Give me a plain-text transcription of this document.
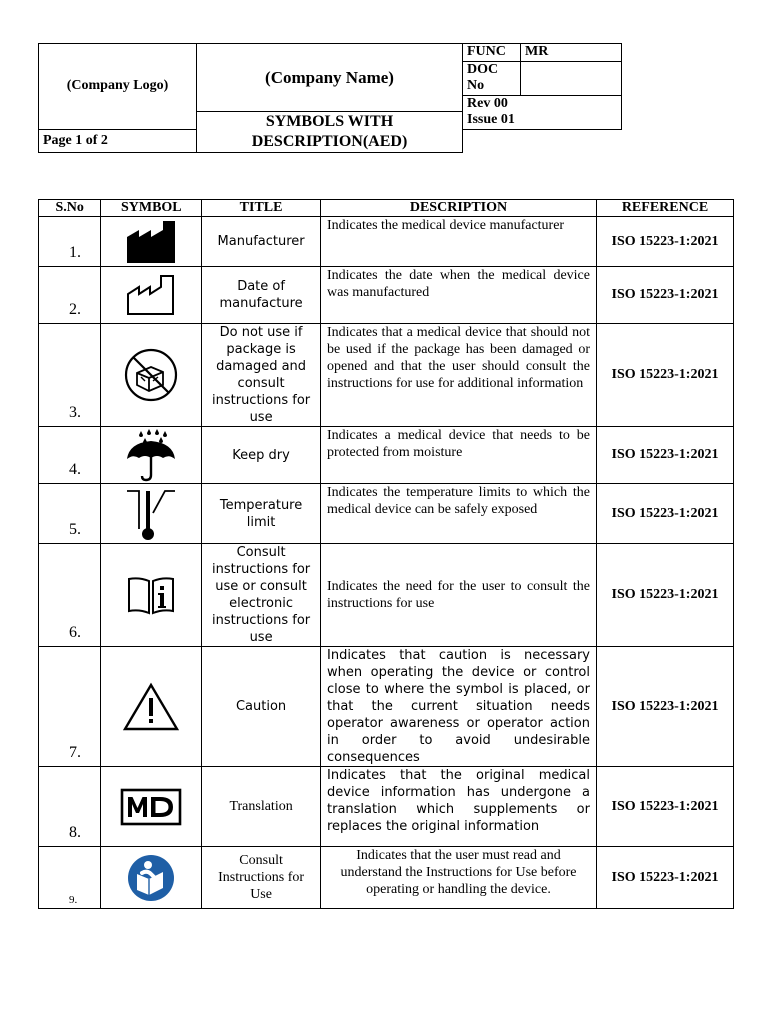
(Company Logo)	(Company Name)	FUNC	MR
		DOC
No	
		Rev 00
Issue 01	
	SYMBOLS WITH
DESCRIPTION(AED)		
Page 1 of 2			
S.No	SYMBOL	TITLE	DESCRIPTION	REFERENCE

1.		Manufacturer	Indicates the medical device manufacturer	ISO 15223-1:2021

2.		Date of manufacture	Indicates the date when the medical device was manufactured	ISO 15223-1:2021

3.		Do not use if package is damaged and consult instructions for use	Indicates that a medical device that should not be used if the package has been damaged or opened and that the user should consult the instructions for use for additional information	ISO 15223-1:2021

4.		Keep dry	Indicates a medical device that needs to be protected from moisture	ISO 15223-1:2021

5.		Temperature limit	Indicates the temperature limits to which the medical device can be safely exposed	ISO 15223-1:2021

6.		Consult instructions for use or consult electronic instructions for use	Indicates the need for the user to consult the instructions for use	ISO 15223-1:2021

7.		Caution	Indicates that caution is necessary when operating the device or control close to where the symbol is placed, or that the current situation needs operator awareness or operator action in order to avoid undesirable consequences	ISO 15223-1:2021

8.		Translation	Indicates that the original medical device information has undergone a translation which supplements or replaces the original information	ISO 15223-1:2021

9.		Consult Instructions for Use	Indicates that the user must read and understand the Instructions for Use before operating or handling the device.	ISO 15223-1:2021
